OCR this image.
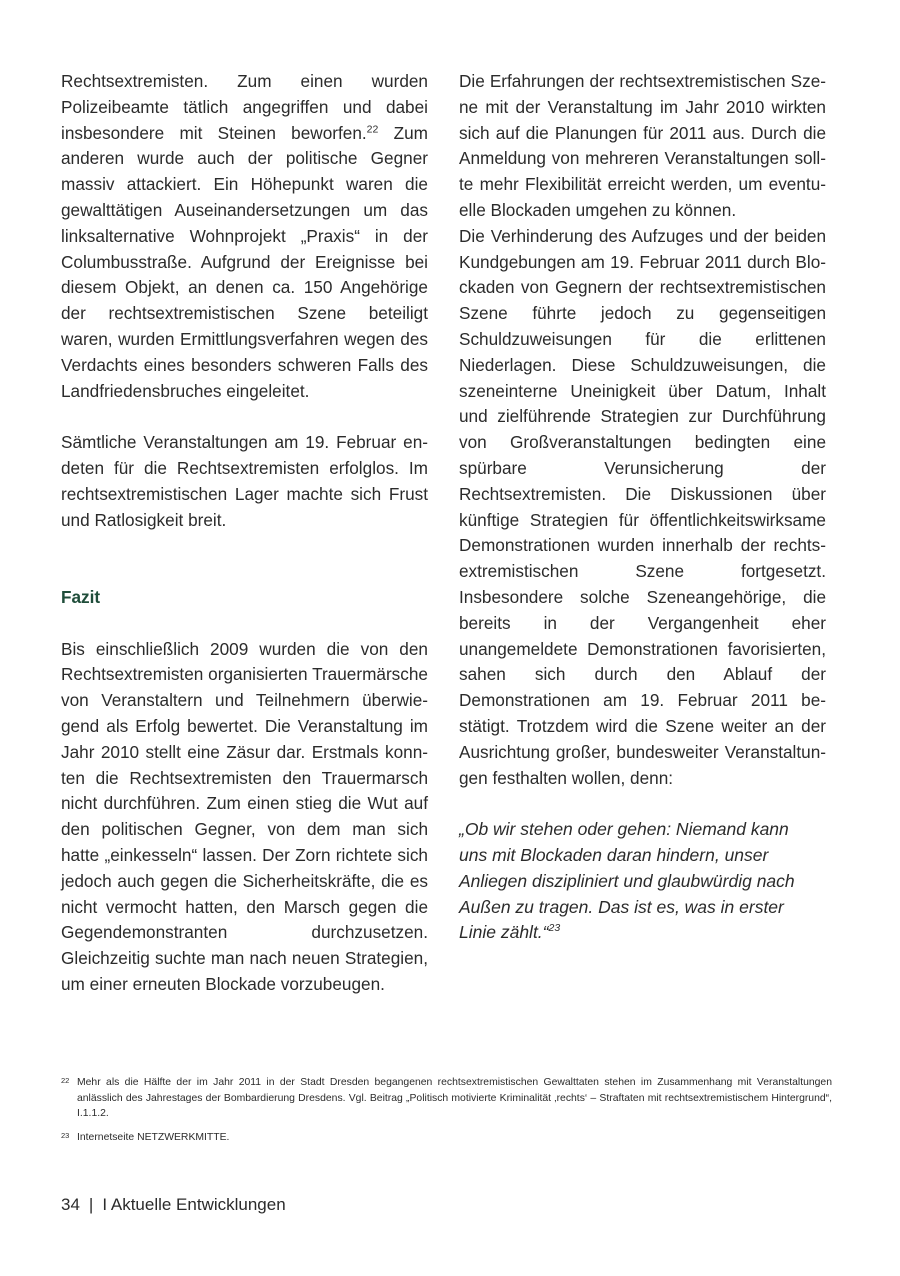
Rechtsextremisten. Zum einen wurden Polizeibeamte tätlich angegriffen und dabei insbesondere mit Steinen beworfen.$^{22}$ Zum anderen wurde auch der politische Gegner massiv attackiert. Ein Höhepunkt waren die gewalttätigen Auseinandersetzungen um das linksalternative Wohnprojekt „Praxis“ in der Columbusstraße. Aufgrund der Ereignisse bei diesem Objekt, an denen ca. 150 Angehörige der rechtsextremistischen Szene beteiligt waren, wurden Ermittlungsverfahren wegen des Verdachts eines besonders schweren Falls des Landfriedensbruches eingeleitet.

Sämtliche Veranstaltungen am 19. Februar endeten für die Rechtsextremisten erfolglos. Im rechtsextremistischen Lager machte sich Frust und Ratlosigkeit breit.

Fazit

Bis einschließlich 2009 wurden die von den Rechtsextremisten organisierten Trauermärsche von Veranstaltern und Teilnehmern überwiegend als Erfolg bewertet. Die Veranstaltung im Jahr 2010 stellt eine Zäsur dar. Erstmals konnten die Rechtsextremisten den Trauermarsch nicht durchführen. Zum einen stieg die Wut auf den politischen Gegner, von dem man sich hatte „einkesseln“ lassen. Der Zorn richtete sich jedoch auch gegen die Sicherheitskräfte, die es nicht vermocht hatten, den Marsch gegen die Gegendemonstranten durchzusetzen. Gleichzeitig suchte man nach neuen Strategien, um einer erneuten Blockade vorzubeugen.

Die Erfahrungen der rechtsextremistischen Szene mit der Veranstaltung im Jahr 2010 wirkten sich auf die Planungen für 2011 aus. Durch die Anmeldung von mehreren Veranstaltungen sollte mehr Flexibilität erreicht werden, um eventuelle Blockaden umgehen zu können.

Die Verhinderung des Aufzuges und der beiden Kundgebungen am 19. Februar 2011 durch Blockaden von Gegnern der rechtsextremistischen Szene führte jedoch zu gegenseitigen Schuldzuweisungen für die erlittenen Niederlagen. Diese Schuldzuweisungen, die szeneinterne Uneinigkeit über Datum, Inhalt und zielführende Strategien zur Durchführung von Großveranstaltungen bedingten eine spürbare Verunsicherung der Rechtsextremisten. Die Diskussionen über künftige Strategien für öffentlichkeitswirksame Demonstrationen wurden innerhalb der rechtsextremistischen Szene fortgesetzt. Insbesondere solche Szeneangehörige, die bereits in der Vergangenheit eher unangemeldete Demonstrationen favorisierten, sahen sich durch den Ablauf der Demonstrationen am 19. Februar 2011 bestätigt. Trotzdem wird die Szene weiter an der Ausrichtung großer, bundesweiter Veranstaltungen festhalten wollen, denn:

„Ob wir stehen oder gehen: Niemand kann uns mit Blockaden daran hindern, unser Anliegen diszipliniert und glaubwürdig nach Außen zu tragen. Das ist es, was in erster Linie zählt.“$^{23}$

22 Mehr als die Hälfte der im Jahr 2011 in der Stadt Dresden begangenen rechtsextremistischen Gewalttaten stehen im Zusammenhang mit Veranstaltungen anlässlich des Jahrestages der Bombardierung Dresdens. Vgl. Beitrag „Politisch motivierte Kriminalität ‚rechts‘ – Straftaten mit rechtsextremistischem Hintergrund“, I.1.1.2.
23 Internetseite NETZWERKMITTE.
34 | I Aktuelle Entwicklungen
